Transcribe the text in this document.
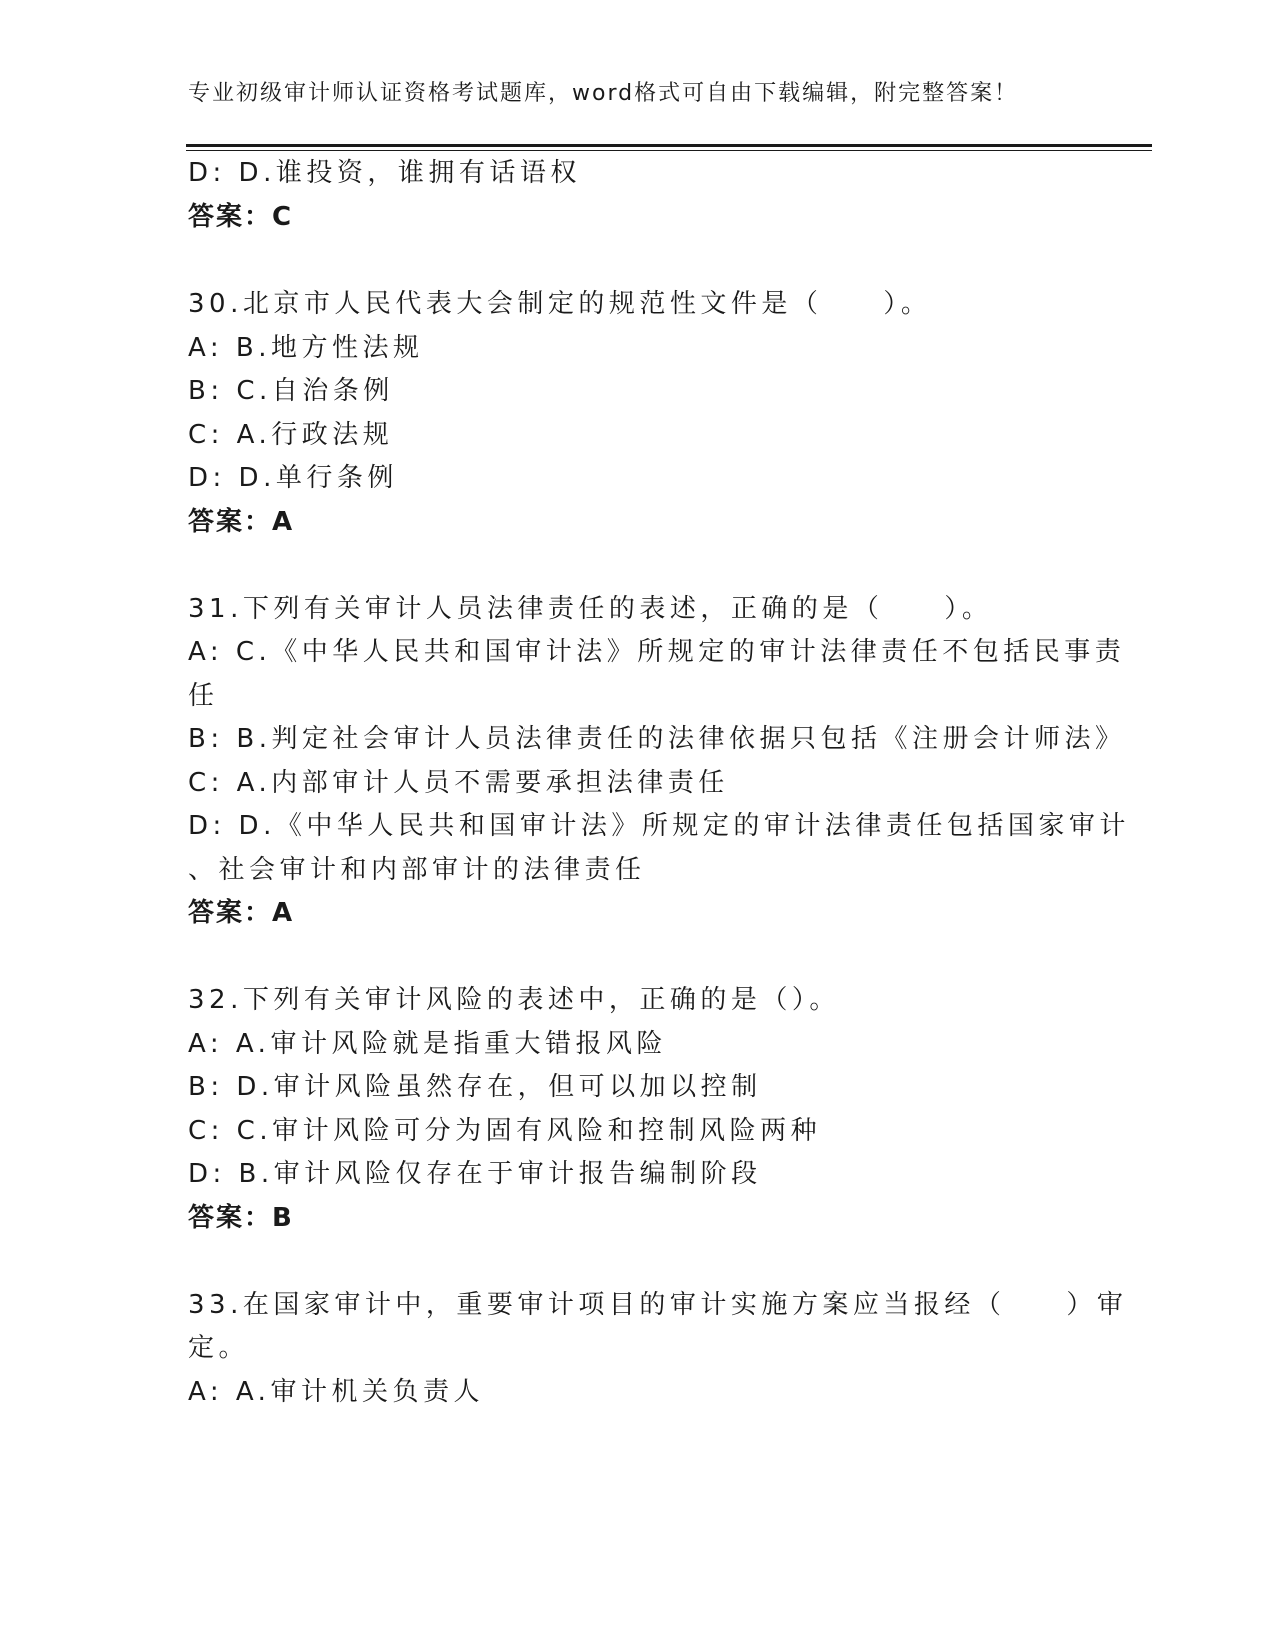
专业初级审计师认证资格考试题库，word格式可自由下载编辑，附完整答案！
D: D.谁投资，谁拥有话语权
答案：C
30.北京市人民代表大会制定的规范性文件是（　　）。
A: B.地方性法规
B: C.自治条例
C: A.行政法规
D: D.单行条例
答案：A
31.下列有关审计人员法律责任的表述，正确的是（　　）。
A: C.《中华人民共和国审计法》所规定的审计法律责任不包括民事责
任
B: B.判定社会审计人员法律责任的法律依据只包括《注册会计师法》
C: A.内部审计人员不需要承担法律责任
D: D.《中华人民共和国审计法》所规定的审计法律责任包括国家审计
、社会审计和内部审计的法律责任
答案：A
32.下列有关审计风险的表述中，正确的是（）。
A: A.审计风险就是指重大错报风险
B: D.审计风险虽然存在，但可以加以控制
C: C.审计风险可分为固有风险和控制风险两种
D: B.审计风险仅存在于审计报告编制阶段
答案：B
33.在国家审计中，重要审计项目的审计实施方案应当报经（　　）审
定。
A: A.审计机关负责人
